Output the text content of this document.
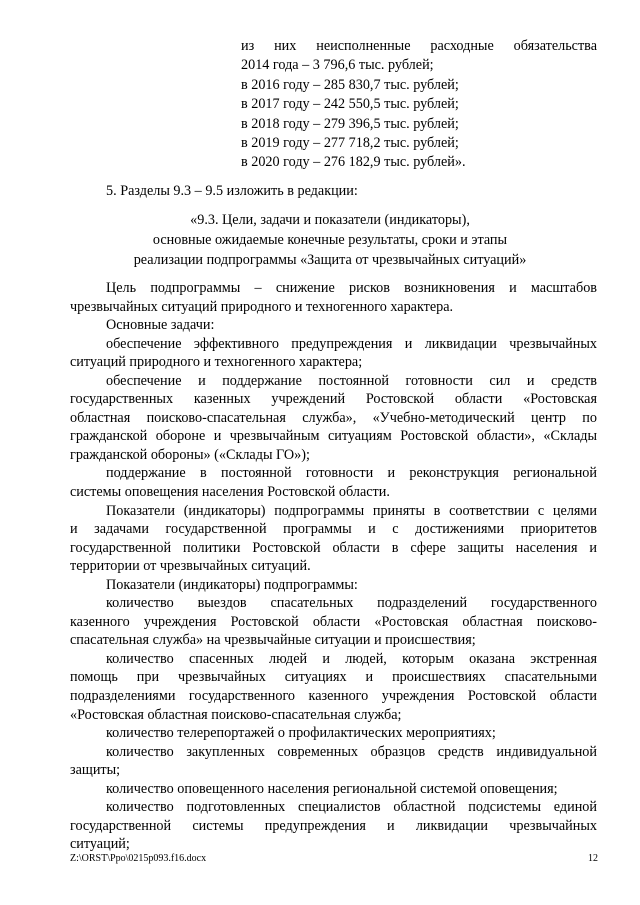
из них неисполненные расходные обязательства
2014 года – 3 796,6 тыс. рублей;
в 2016 году – 285 830,7 тыс. рублей;
в 2017 году – 242 550,5 тыс. рублей;
в 2018 году – 279 396,5 тыс. рублей;
в 2019 году – 277 718,2 тыс. рублей;
в 2020 году – 276 182,9 тыс. рублей».
5. Разделы 9.3 – 9.5 изложить в редакции:
«9.3. Цели, задачи и показатели (индикаторы),
основные ожидаемые конечные результаты, сроки и этапы
реализации подпрограммы «Защита от чрезвычайных ситуаций»
Цель подпрограммы – снижение рисков возникновения и масштабов
чрезвычайных ситуаций природного и техногенного характера.
Основные задачи:
обеспечение эффективного предупреждения и ликвидации чрезвычайных
ситуаций природного и техногенного характера;
обеспечение и поддержание постоянной готовности сил и средств
государственных казенных учреждений Ростовской области «Ростовская
областная поисково-спасательная служба», «Учебно-методический центр по
гражданской обороне и чрезвычайным ситуациям Ростовской области», «Склады
гражданской обороны» («Склады ГО»);
поддержание в постоянной готовности и реконструкция региональной
системы оповещения населения Ростовской области.
Показатели (индикаторы) подпрограммы приняты в соответствии с целями
и задачами государственной программы и с достижениями приоритетов
государственной политики Ростовской области в сфере защиты населения и
территории от чрезвычайных ситуаций.
Показатели (индикаторы) подпрограммы:
количество выездов спасательных подразделений государственного
казенного учреждения Ростовской области «Ростовская областная поисково-
спасательная служба» на чрезвычайные ситуации и происшествия;
количество спасенных людей и людей, которым оказана экстренная
помощь при чрезвычайных ситуациях и происшествиях спасательными
подразделениями государственного казенного учреждения Ростовской области
«Ростовская областная поисково-спасательная служба;
количество телерепортажей о профилактических мероприятиях;
количество закупленных современных образцов средств индивидуальной
защиты;
количество оповещенного населения региональной системой оповещения;
количество подготовленных специалистов областной подсистемы единой
государственной системы предупреждения и ликвидации чрезвычайных
ситуаций;
Z:\ORST\Ppo\0215p093.f16.docx	12
